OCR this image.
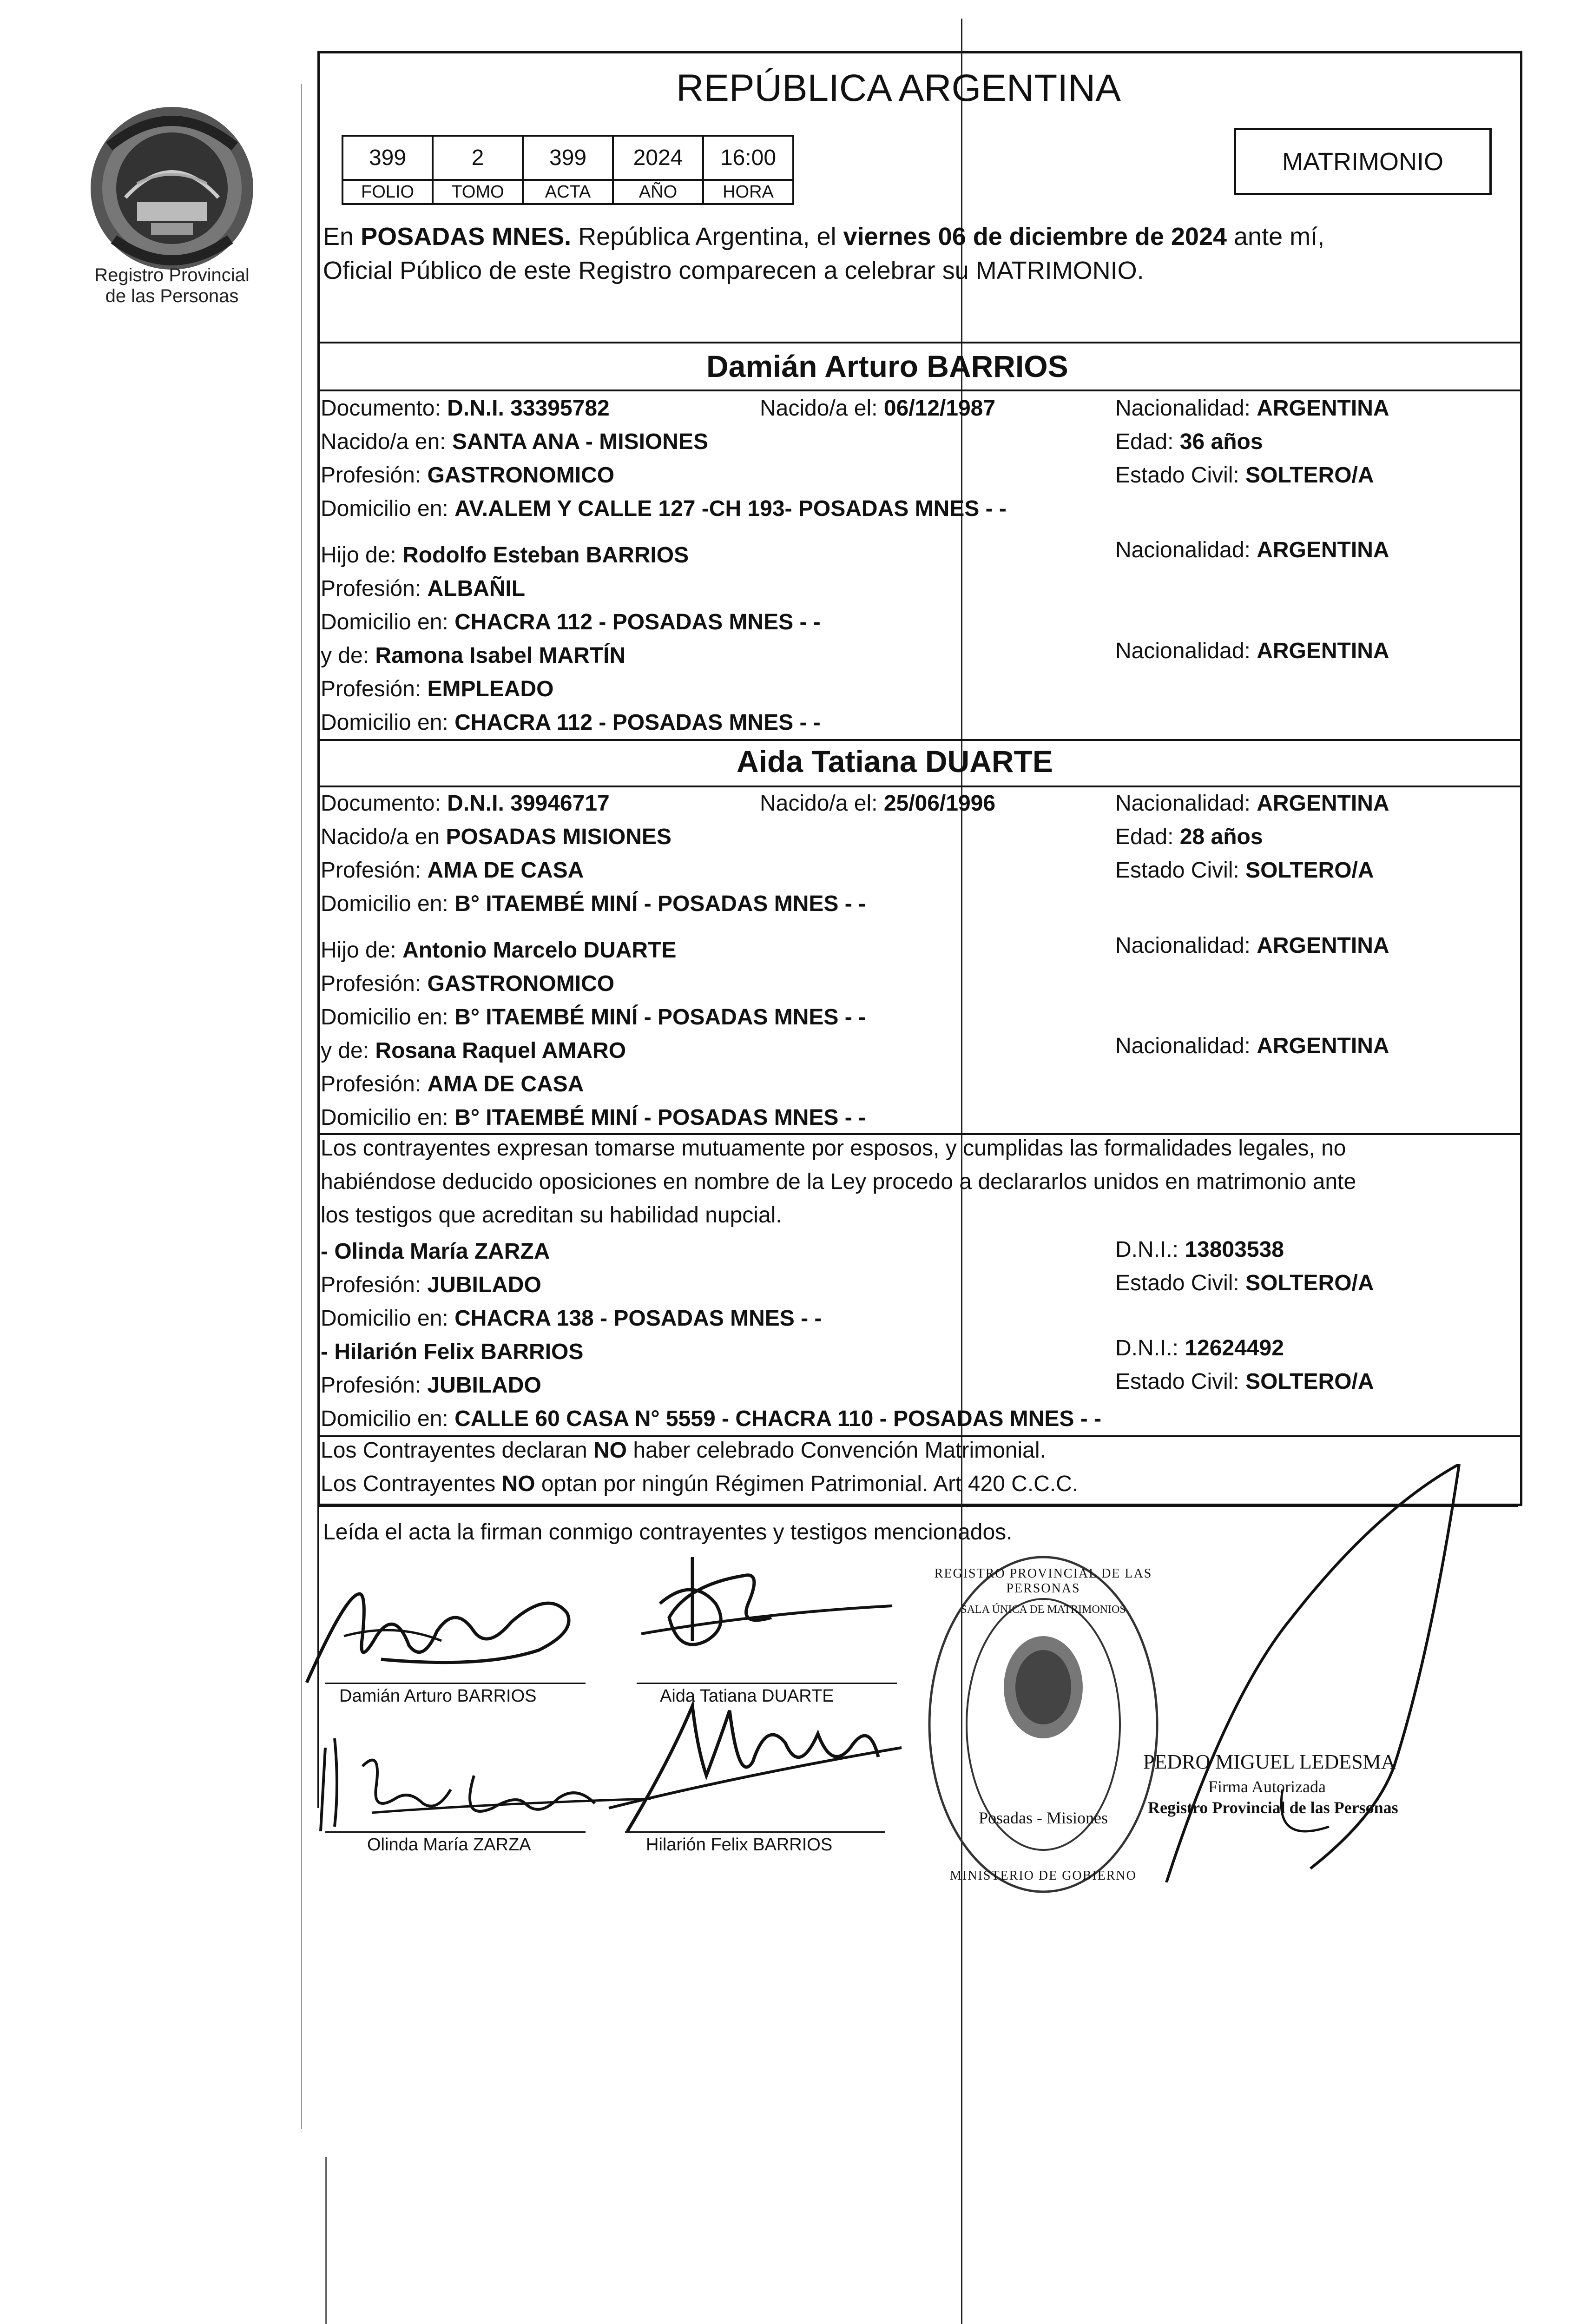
Registro Provincial
de las Personas
REPÚBLICA ARGENTINA
399	2	399	2024	16:00
FOLIO	TOMO	ACTA	AÑO	HORA
MATRIMONIO
En POSADAS MNES. República Argentina, el viernes 06 de diciembre de 2024 ante mí,
Oficial Público de este Registro comparecen a celebrar su MATRIMONIO.
Damián Arturo BARRIOS
Documento: D.N.I. 33395782	Nacido/a el: 06/12/1987	Nacionalidad: ARGENTINA
Nacido/a en: SANTA ANA - MISIONES	Edad: 36 años
Profesión: GASTRONOMICO	Estado Civil: SOLTERO/A
Domicilio en: AV.ALEM Y CALLE 127 -CH 193- POSADAS MNES - -
Hijo de: Rodolfo Esteban BARRIOS	Nacionalidad: ARGENTINA
Profesión: ALBAÑIL
Domicilio en: CHACRA 112 - POSADAS MNES - -
y de: Ramona Isabel MARTÍN	Nacionalidad: ARGENTINA
Profesión: EMPLEADO
Domicilio en: CHACRA 112 - POSADAS MNES - -
Aida Tatiana DUARTE
Documento: D.N.I. 39946717	Nacido/a el: 25/06/1996	Nacionalidad: ARGENTINA
Nacido/a en POSADAS MISIONES	Edad: 28 años
Profesión: AMA DE CASA	Estado Civil: SOLTERO/A
Domicilio en: B° ITAEMBÉ MINÍ - POSADAS MNES - -
Hijo de: Antonio Marcelo DUARTE	Nacionalidad: ARGENTINA
Profesión: GASTRONOMICO
Domicilio en: B° ITAEMBÉ MINÍ - POSADAS MNES - -
y de: Rosana Raquel AMARO	Nacionalidad: ARGENTINA
Profesión: AMA DE CASA
Domicilio en: B° ITAEMBÉ MINÍ - POSADAS MNES - -
Los contrayentes expresan tomarse mutuamente por esposos, y cumplidas las formalidades legales, no
habiéndose deducido oposiciones en nombre de la Ley procedo a declararlos unidos en matrimonio ante
los testigos que acreditan su habilidad nupcial.
- Olinda María ZARZA	D.N.I.: 13803538
Profesión: JUBILADO	Estado Civil: SOLTERO/A
Domicilio en: CHACRA 138 - POSADAS MNES - -
- Hilarión Felix BARRIOS	D.N.I.: 12624492
Profesión: JUBILADO	Estado Civil: SOLTERO/A
Domicilio en: CALLE 60 CASA N° 5559 - CHACRA 110 - POSADAS MNES - -
Los Contrayentes declaran NO haber celebrado Convención Matrimonial.
Los Contrayentes NO optan por ningún Régimen Patrimonial. Art 420 C.C.C.
Leída el acta la firman conmigo contrayentes y testigos mencionados.
Damián Arturo BARRIOS	Aida Tatiana DUARTE
Olinda María ZARZA	Hilarión Felix BARRIOS
REGISTRO PROVINCIAL DE LAS PERSONAS
SALA ÚNICA DE MATRIMONIOS
Posadas - Misiones
MINISTERIO DE GOBIERNO
PEDRO MIGUEL LEDESMA
Firma Autorizada
Registro Provincial de las Personas
